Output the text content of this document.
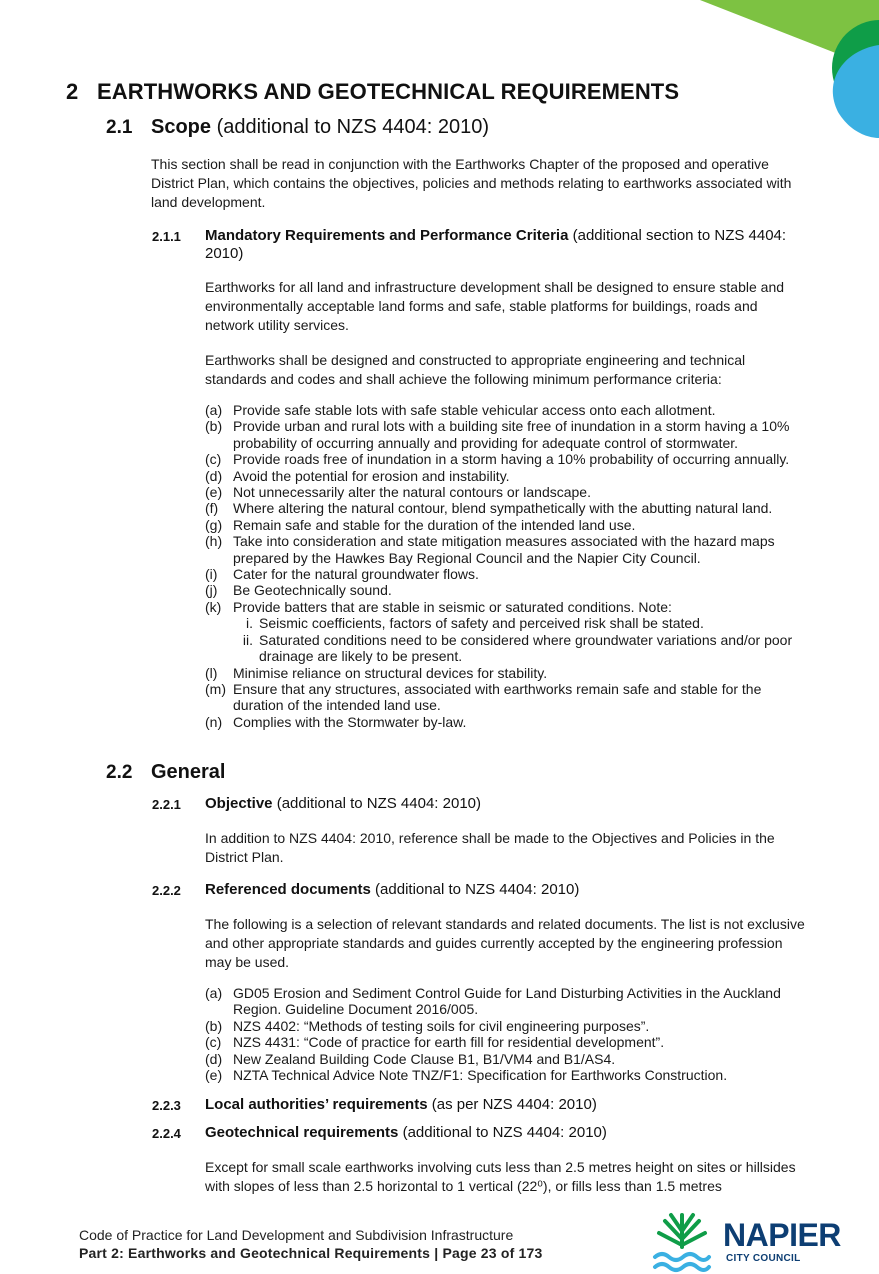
2 EARTHWORKS AND GEOTECHNICAL REQUIREMENTS
2.1 Scope (additional to NZS 4404: 2010)

This section shall be read in conjunction with the Earthworks Chapter of the proposed and operative District Plan, which contains the objectives, policies and methods relating to earthworks associated with land development.

2.1.1 Mandatory Requirements and Performance Criteria (additional section to NZS 4404: 2010)

Earthworks for all land and infrastructure development shall be designed to ensure stable and environmentally acceptable land forms and safe, stable platforms for buildings, roads and network utility services.

Earthworks shall be designed and constructed to appropriate engineering and technical standards and codes and shall achieve the following minimum performance criteria:

(a) Provide safe stable lots with safe stable vehicular access onto each allotment.
(b) Provide urban and rural lots with a building site free of inundation in a storm having a 10% probability of occurring annually and providing for adequate control of stormwater.
(c) Provide roads free of inundation in a storm having a 10% probability of occurring annually.
(d) Avoid the potential for erosion and instability.
(e) Not unnecessarily alter the natural contours or landscape.
(f) Where altering the natural contour, blend sympathetically with the abutting natural land.
(g) Remain safe and stable for the duration of the intended land use.
(h) Take into consideration and state mitigation measures associated with the hazard maps prepared by the Hawkes Bay Regional Council and the Napier City Council.
(i) Cater for the natural groundwater flows.
(j) Be Geotechnically sound.
(k) Provide batters that are stable in seismic or saturated conditions. Note:
i. Seismic coefficients, factors of safety and perceived risk shall be stated.
ii. Saturated conditions need to be considered where groundwater variations and/or poor drainage are likely to be present.
(l) Minimise reliance on structural devices for stability.
(m) Ensure that any structures, associated with earthworks remain safe and stable for the duration of the intended land use.
(n) Complies with the Stormwater by-law.
2.2 General
2.2.1 Objective (additional to NZS 4404: 2010)

In addition to NZS 4404: 2010, reference shall be made to the Objectives and Policies in the District Plan.

2.2.2 Referenced documents (additional to NZS 4404: 2010)

The following is a selection of relevant standards and related documents. The list is not exclusive and other appropriate standards and guides currently accepted by the engineering profession may be used.

(a) GD05 Erosion and Sediment Control Guide for Land Disturbing Activities in the Auckland Region. Guideline Document 2016/005.
(b) NZS 4402: “Methods of testing soils for civil engineering purposes”.
(c) NZS 4431: “Code of practice for earth fill for residential development”.
(d) New Zealand Building Code Clause B1, B1/VM4 and B1/AS4.
(e) NZTA Technical Advice Note TNZ/F1: Specification for Earthworks Construction.
2.2.3 Local authorities’ requirements (as per NZS 4404: 2010)
2.2.4 Geotechnical requirements (additional to NZS 4404: 2010)

Except for small scale earthworks involving cuts less than 2.5 metres height on sites or hillsides with slopes of less than 2.5 horizontal to 1 vertical (22⁰), or fills less than 1.5 metres

Code of Practice for Land Development and Subdivision Infrastructure
Part 2: Earthworks and Geotechnical Requirements | Page 23 of 173	NAPIER
CITY COUNCIL
